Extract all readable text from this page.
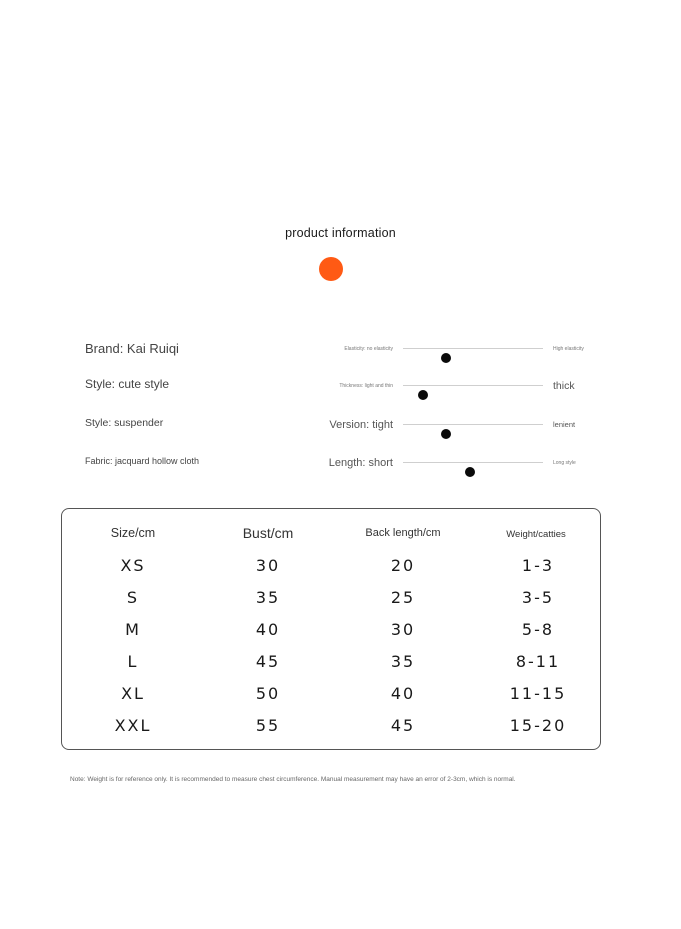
product information
Brand: Kai Ruiqi
Style: cute style
Style: suspender
Fabric: jacquard hollow cloth
Elasticity: no elasticity	High elasticity
Thickness: light and thin	thick
Version: tight	lenient
Length: short	Long style
Size/cm	Bust/cm	Back length/cm	Weight/catties
XS	30	20	1-3
S	35	25	3-5
M	40	30	5-8
L	45	35	8-11
XL	50	40	11-15
XXL	55	45	15-20
Note: Weight is for reference only. It is recommended to measure chest circumference. Manual measurement may have an error of 2-3cm, which is normal.
